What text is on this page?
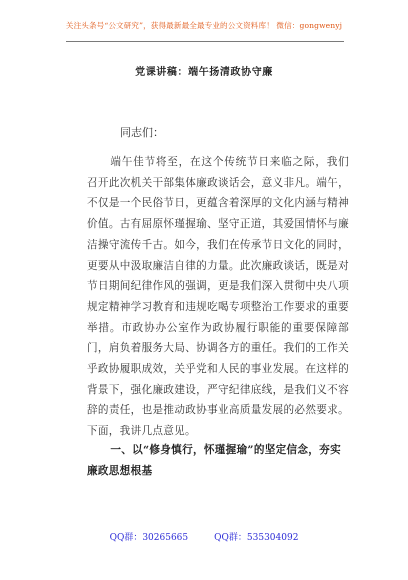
关注头条号“公文研究”，获得最新最全最专业的公文资料库！ 微信：gongwenyj
党课讲稿：端午扬清政协守廉
同志们：

端午佳节将至，在这个传统节日来临之际，我们召开此次机关干部集体廉政谈话会，意义非凡。端午，不仅是一个民俗节日，更蕴含着深厚的文化内涵与精神价值。古有屈原怀瑾握瑜、坚守正道，其爱国情怀与廉洁操守流传千古。如今，我们在传承节日文化的同时，更要从中汲取廉洁自律的力量。此次廉政谈话，既是对节日期间纪律作风的强调，更是我们深入贯彻中央八项规定精神学习教育和违规吃喝专项整治工作要求的重要举措。市政协办公室作为政协履行职能的重要保障部门，肩负着服务大局、协调各方的重任。我们的工作关乎政协履职成效，关乎党和人民的事业发展。在这样的背景下，强化廉政建设，严守纪律底线，是我们义不容辞的责任，也是推动政协事业高质量发展的必然要求。下面，我讲几点意见。

一、以“修身慎行，怀瑾握瑜”的坚定信念，夯实廉政思想根基
QQ群：30265665	QQ群：535304092
